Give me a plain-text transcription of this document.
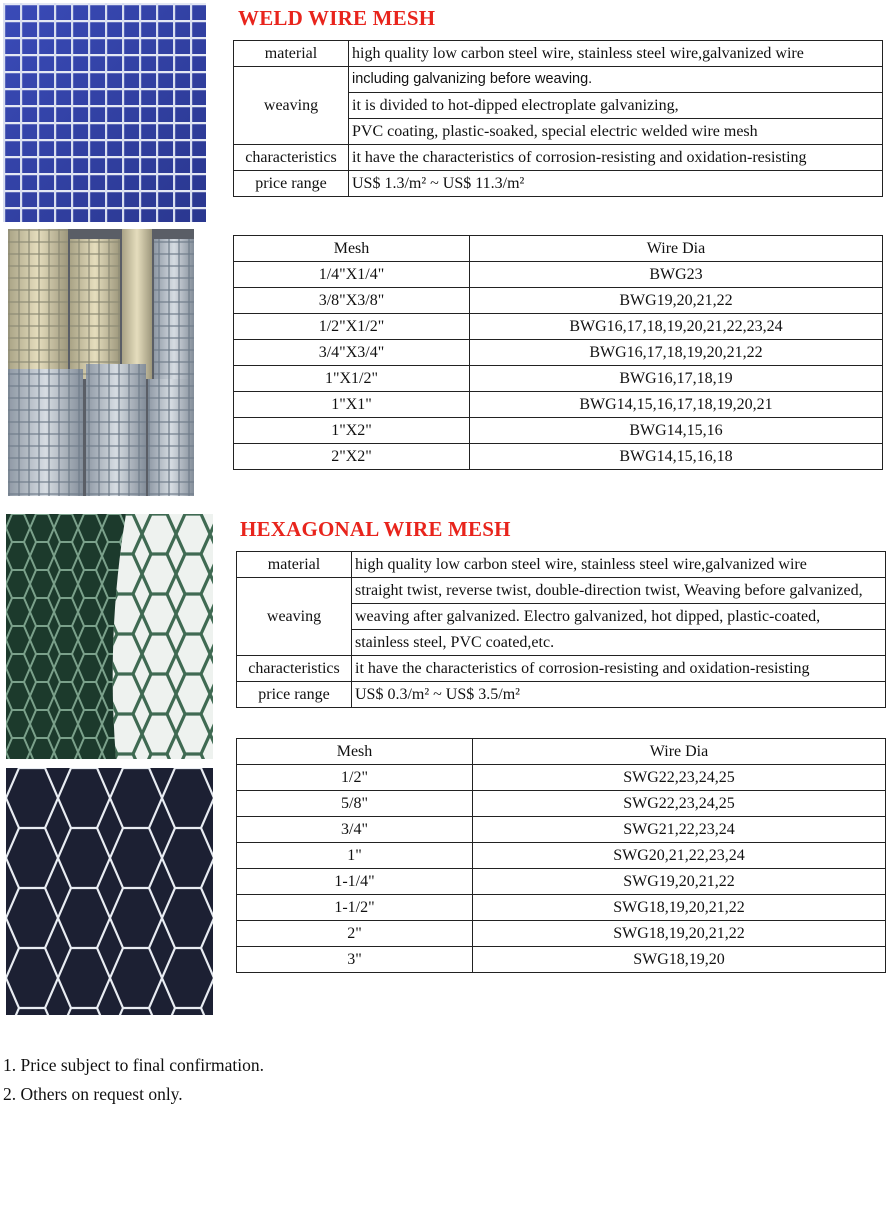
WELD WIRE MESH
material	high quality low carbon steel wire, stainless steel wire,galvanized wire
weaving	including galvanizing before weaving.
	it is divided to hot-dipped electroplate galvanizing,
	PVC coating, plastic-soaked, special electric welded wire mesh
characteristics	it have the characteristics of corrosion-resisting and oxidation-resisting
price range	US$ 1.3/m² ~ US$ 11.3/m²
Mesh	Wire Dia
1/4"X1/4"	BWG23
3/8"X3/8"	BWG19,20,21,22
1/2"X1/2"	BWG16,17,18,19,20,21,22,23,24
3/4"X3/4"	BWG16,17,18,19,20,21,22
1"X1/2"	BWG16,17,18,19
1"X1"	BWG14,15,16,17,18,19,20,21
1"X2"	BWG14,15,16
2"X2"	BWG14,15,16,18
HEXAGONAL WIRE MESH
material	high quality low carbon steel wire, stainless steel wire,galvanized wire
weaving	straight twist, reverse twist, double-direction twist, Weaving before galvanized,
	weaving after galvanized. Electro galvanized, hot dipped, plastic-coated,
	stainless steel, PVC coated,etc.
characteristics	it have the characteristics of corrosion-resisting and oxidation-resisting
price range	US$ 0.3/m² ~ US$ 3.5/m²
Mesh	Wire Dia
1/2"	SWG22,23,24,25
5/8"	SWG22,23,24,25
3/4"	SWG21,22,23,24
1"	SWG20,21,22,23,24
1-1/4"	SWG19,20,21,22
1-1/2"	SWG18,19,20,21,22
2"	SWG18,19,20,21,22
3"	SWG18,19,20
1. Price subject to final confirmation.
2. Others on request only.
